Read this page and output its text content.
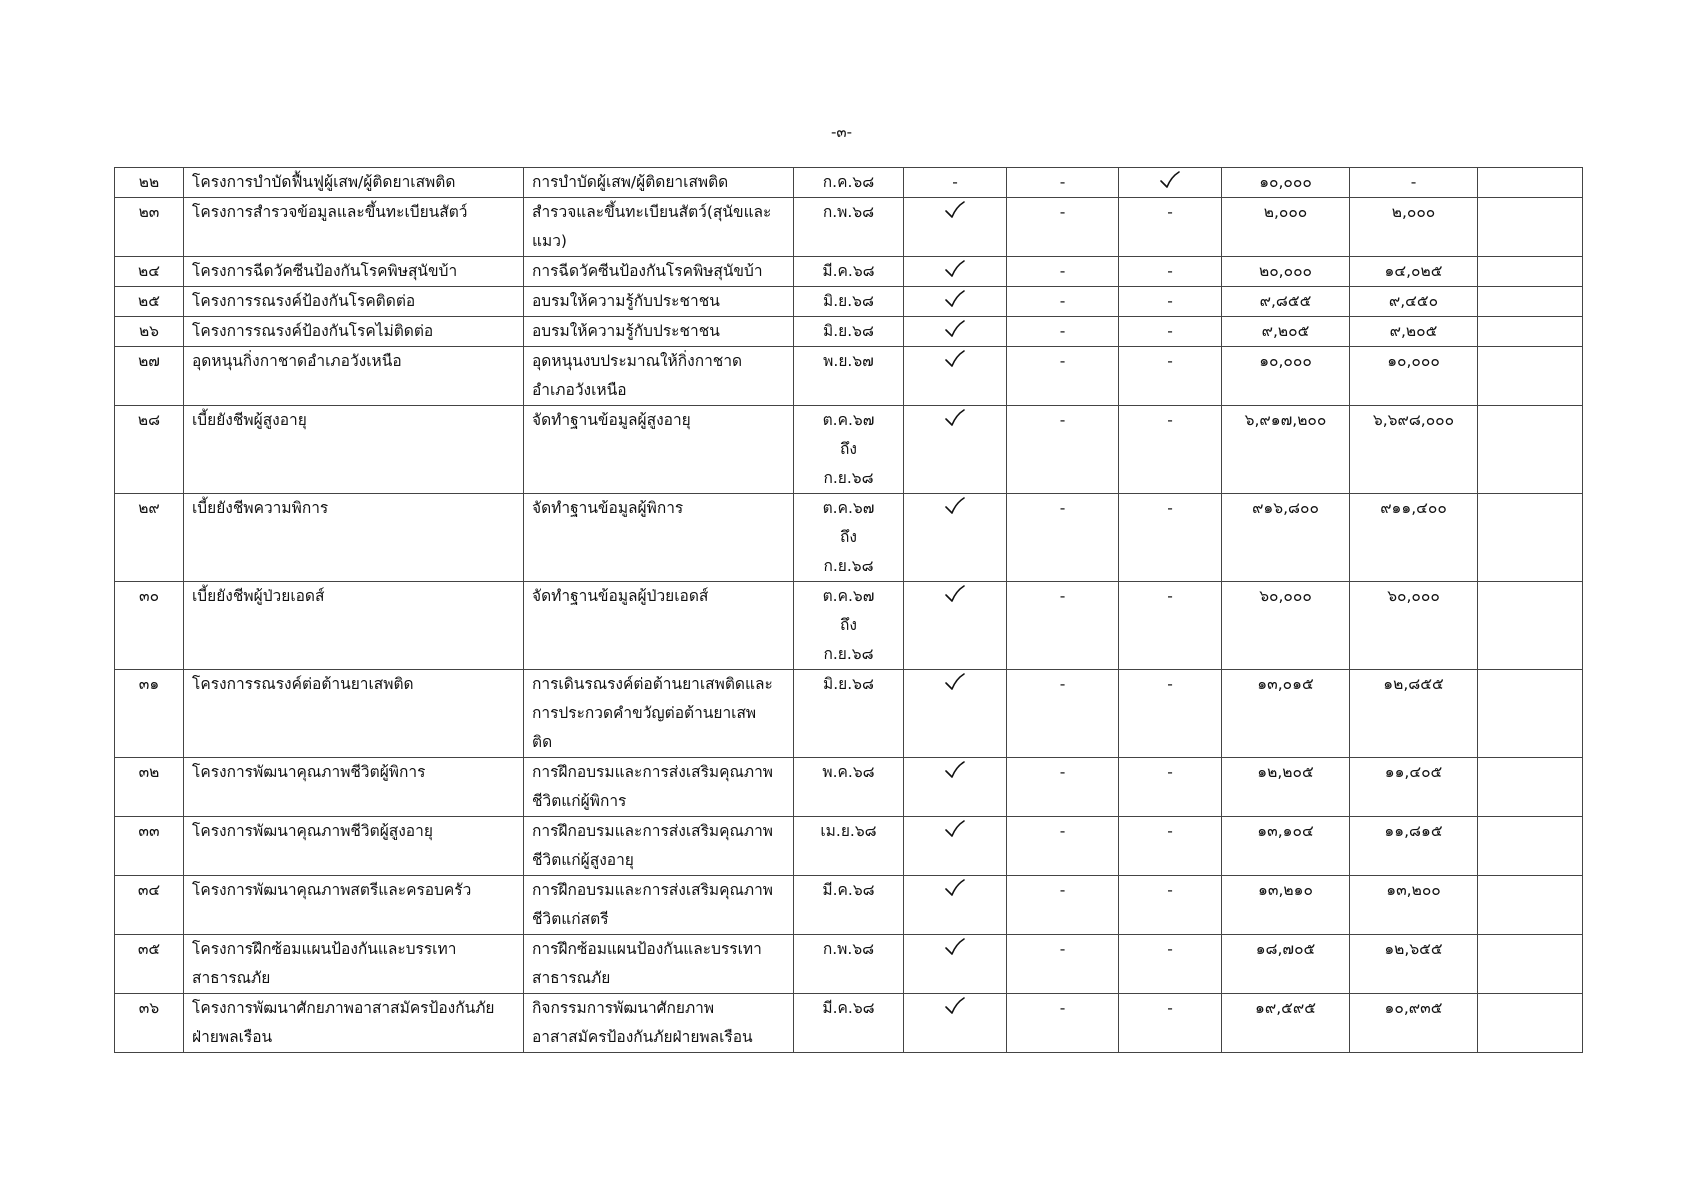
-๓-
๒๒	โครงการบำบัดฟื้นฟูผู้เสพ/ผู้ติดยาเสพติด	การบำบัดผู้เสพ/ผู้ติดยาเสพติด	ก.ค.๖๘	-	-		๑๐,๐๐๐	-	
๒๓	โครงการสำรวจข้อมูลและขึ้นทะเบียนสัตว์	สำรวจและขึ้นทะเบียนสัตว์(สุนัขและ
แมว)	ก.พ.๖๘		-	-	๒,๐๐๐	๒,๐๐๐	
๒๔	โครงการฉีดวัคซีนป้องกันโรคพิษสุนัขบ้า	การฉีดวัคซีนป้องกันโรคพิษสุนัขบ้า	มี.ค.๖๘		-	-	๒๐,๐๐๐	๑๔,๐๒๕	
๒๕	โครงการรณรงค์ป้องกันโรคติดต่อ	อบรมให้ความรู้กับประชาชน	มิ.ย.๖๘		-	-	๙,๘๕๕	๙,๔๕๐	
๒๖	โครงการรณรงค์ป้องกันโรคไม่ติดต่อ	อบรมให้ความรู้กับประชาชน	มิ.ย.๖๘		-	-	๙,๒๐๕	๙,๒๐๕	
๒๗	อุดหนุนกิ่งกาชาดอำเภอวังเหนือ	อุดหนุนงบประมาณให้กิ่งกาชาด
อำเภอวังเหนือ	พ.ย.๖๗		-	-	๑๐,๐๐๐	๑๐,๐๐๐	
๒๘	เบี้ยยังชีพผู้สูงอายุ	จัดทำฐานข้อมูลผู้สูงอายุ	ต.ค.๖๗
ถึง
ก.ย.๖๘		-	-	๖,๙๑๗,๒๐๐	๖,๖๙๘,๐๐๐	
๒๙	เบี้ยยังชีพความพิการ	จัดทำฐานข้อมูลผู้พิการ	ต.ค.๖๗
ถึง
ก.ย.๖๘		-	-	๙๑๖,๘๐๐	๙๑๑,๔๐๐	
๓๐	เบี้ยยังชีพผู้ป่วยเอดส์	จัดทำฐานข้อมูลผู้ป่วยเอดส์	ต.ค.๖๗
ถึง
ก.ย.๖๘		-	-	๖๐,๐๐๐	๖๐,๐๐๐	
๓๑	โครงการรณรงค์ต่อต้านยาเสพติด	การเดินรณรงค์ต่อต้านยาเสพติดและ
การประกวดคำขวัญต่อต้านยาเสพ
ติด	มิ.ย.๖๘		-	-	๑๓,๐๑๕	๑๒,๘๕๕	
๓๒	โครงการพัฒนาคุณภาพชีวิตผู้พิการ	การฝึกอบรมและการส่งเสริมคุณภาพ
ชีวิตแก่ผู้พิการ	พ.ค.๖๘		-	-	๑๒,๒๐๕	๑๑,๔๐๕	
๓๓	โครงการพัฒนาคุณภาพชีวิตผู้สูงอายุ	การฝึกอบรมและการส่งเสริมคุณภาพ
ชีวิตแก่ผู้สูงอายุ	เม.ย.๖๘		-	-	๑๓,๑๐๔	๑๑,๘๑๕	
๓๔	โครงการพัฒนาคุณภาพสตรีและครอบครัว	การฝึกอบรมและการส่งเสริมคุณภาพ
ชีวิตแก่สตรี	มี.ค.๖๘		-	-	๑๓,๒๑๐	๑๓,๒๐๐	
๓๕	โครงการฝึกซ้อมแผนป้องกันและบรรเทา
สาธารณภัย	การฝึกซ้อมแผนป้องกันและบรรเทา
สาธารณภัย	ก.พ.๖๘		-	-	๑๘,๗๐๕	๑๒,๖๕๕	
๓๖	โครงการพัฒนาศักยภาพอาสาสมัครป้องกันภัย
ฝ่ายพลเรือน	กิจกรรมการพัฒนาศักยภาพ
อาสาสมัครป้องกันภัยฝ่ายพลเรือน	มี.ค.๖๘		-	-	๑๙,๕๙๕	๑๐,๙๓๕	
